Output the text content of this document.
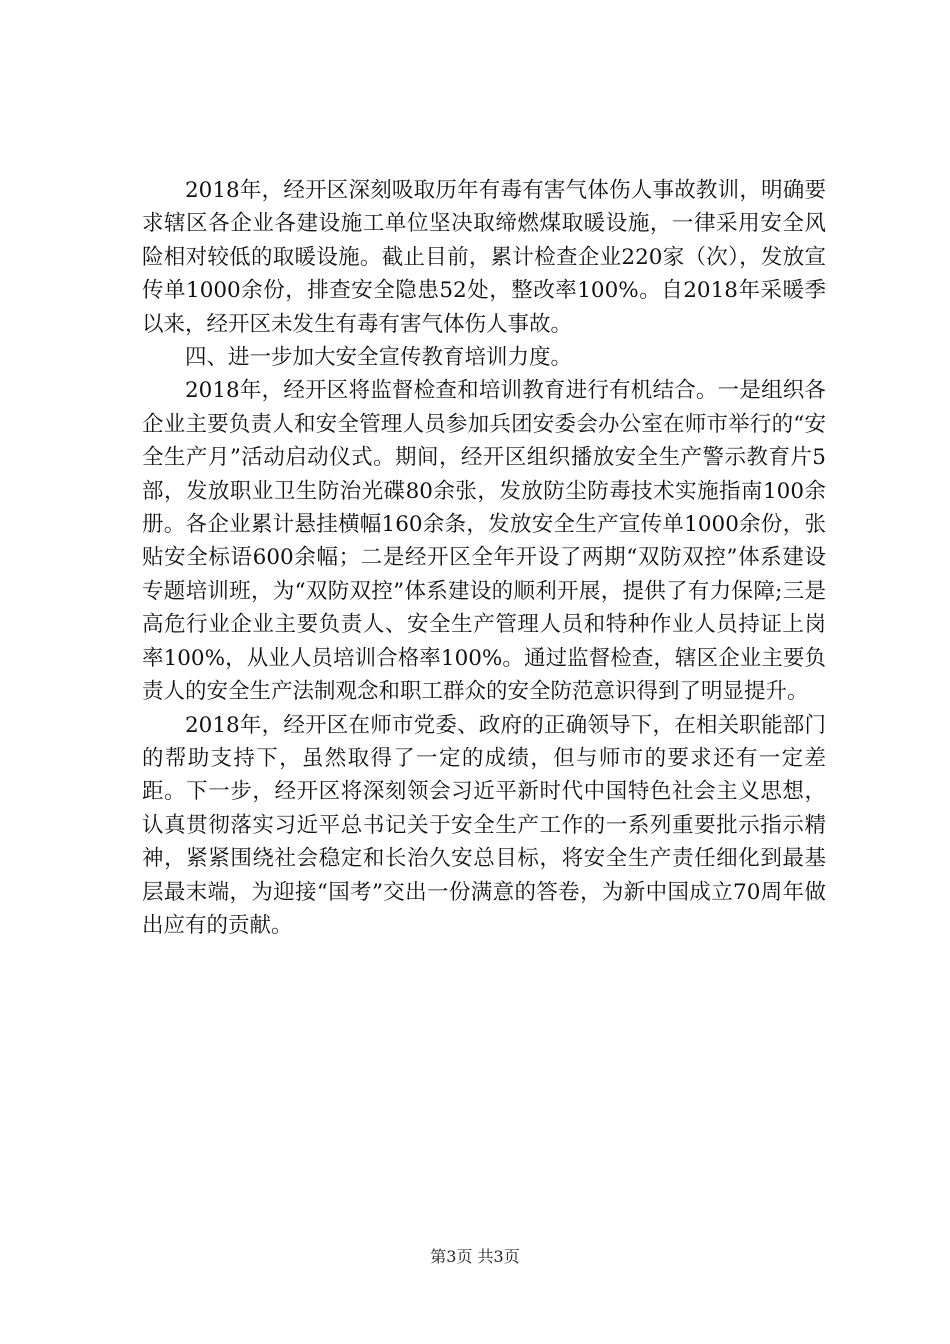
2018年，经开区深刻吸取历年有毒有害气体伤人事故教训，明确要求辖区各企业各建设施工单位坚决取缔燃煤取暖设施，一律采用安全风险相对较低的取暖设施。截止目前，累计检查企业220家（次），发放宣传单1000余份，排查安全隐患52处，整改率100%。自2018年采暖季以来，经开区未发生有毒有害气体伤人事故。

四、进一步加大安全宣传教育培训力度。

2018年，经开区将监督检查和培训教育进行有机结合。一是组织各企业主要负责人和安全管理人员参加兵团安委会办公室在师市举行的“安全生产月”活动启动仪式。期间，经开区组织播放安全生产警示教育片5部，发放职业卫生防治光碟80余张，发放防尘防毒技术实施指南100余册。各企业累计悬挂横幅160余条，发放安全生产宣传单1000余份，张贴安全标语600余幅；二是经开区全年开设了两期“双防双控”体系建设专题培训班，为“双防双控”体系建设的顺利开展，提供了有力保障;三是高危行业企业主要负责人、安全生产管理人员和特种作业人员持证上岗率100%，从业人员培训合格率100%。通过监督检查，辖区企业主要负责人的安全生产法制观念和职工群众的安全防范意识得到了明显提升。

2018年，经开区在师市党委、政府的正确领导下，在相关职能部门的帮助支持下，虽然取得了一定的成绩，但与师市的要求还有一定差距。下一步，经开区将深刻领会习近平新时代中国特色社会主义思想，认真贯彻落实习近平总书记关于安全生产工作的一系列重要批示指示精神，紧紧围绕社会稳定和长治久安总目标，将安全生产责任细化到最基层最末端，为迎接“国考”交出一份满意的答卷，为新中国成立70周年做出应有的贡献。

第3页 共3页
